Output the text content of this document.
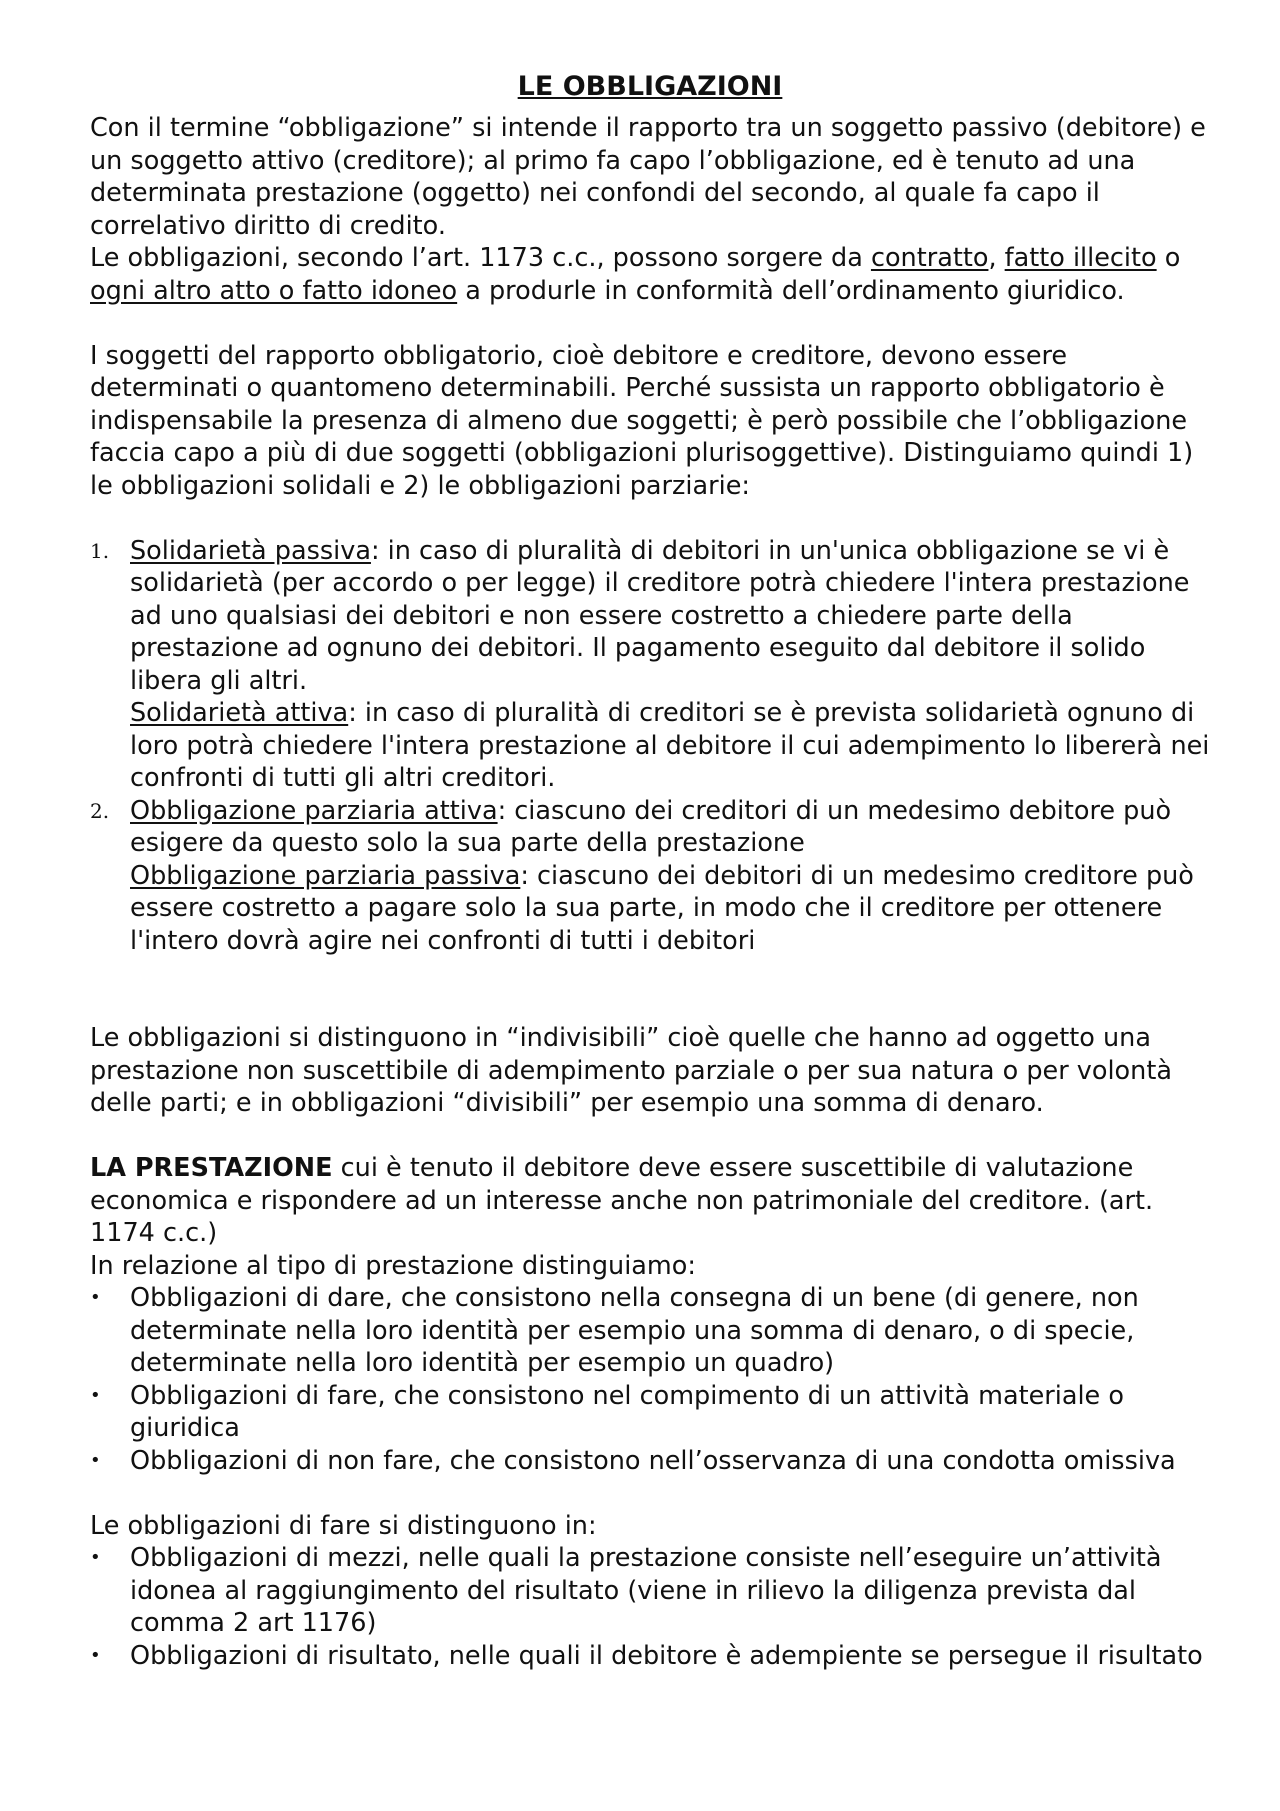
LE OBBLIGAZIONI

Con il termine “obbligazione” si intende il rapporto tra un soggetto passivo (debitore) e un soggetto attivo (creditore); al primo fa capo l’obbligazione, ed è tenuto ad una determinata prestazione (oggetto) nei confondi del secondo, al quale fa capo il correlativo diritto di credito.

Le obbligazioni, secondo l’art. 1173 c.c., possono sorgere da contratto, fatto illecito o ogni altro atto o fatto idoneo a produrle in conformità dell’ordinamento giuridico.

I soggetti del rapporto obbligatorio, cioè debitore e creditore, devono essere determinati o quantomeno determinabili. Perché sussista un rapporto obbligatorio è indispensabile la presenza di almeno due soggetti; è però possibile che l’obbligazione faccia capo a più di due soggetti (obbligazioni plurisoggettive). Distinguiamo quindi 1) le obbligazioni solidali e 2) le obbligazioni parziarie:

1. Solidarietà passiva: in caso di pluralità di debitori in un'unica obbligazione se vi è solidarietà (per accordo o per legge) il creditore potrà chiedere l'intera prestazione ad uno qualsiasi dei debitori e non essere costretto a chiedere parte della prestazione ad ognuno dei debitori. Il pagamento eseguito dal debitore il solido libera gli altri.
Solidarietà attiva: in caso di pluralità di creditori se è prevista solidarietà ognuno di loro potrà chiedere l'intera prestazione al debitore il cui adempimento lo libererà nei confronti di tutti gli altri creditori.
2. Obbligazione parziaria attiva: ciascuno dei creditori di un medesimo debitore può esigere da questo solo la sua parte della prestazione
Obbligazione parziaria passiva: ciascuno dei debitori di un medesimo creditore può essere costretto a pagare solo la sua parte, in modo che il creditore per ottenere l'intero dovrà agire nei confronti di tutti i debitori

Le obbligazioni si distinguono in “indivisibili” cioè quelle che hanno ad oggetto una prestazione non suscettibile di adempimento parziale o per sua natura o per volontà delle parti; e in obbligazioni “divisibili” per esempio una somma di denaro.

LA PRESTAZIONE cui è tenuto il debitore deve essere suscettibile di valutazione economica e rispondere ad un interesse anche non patrimoniale del creditore. (art. 1174 c.c.)

In relazione al tipo di prestazione distinguiamo:

• Obbligazioni di dare, che consistono nella consegna di un bene (di genere, non determinate nella loro identità per esempio una somma di denaro, o di specie, determinate nella loro identità per esempio un quadro)
• Obbligazioni di fare, che consistono nel compimento di un attività materiale o giuridica
• Obbligazioni di non fare, che consistono nell’osservanza di una condotta omissiva

Le obbligazioni di fare si distinguono in:

• Obbligazioni di mezzi, nelle quali la prestazione consiste nell’eseguire un’attività idonea al raggiungimento del risultato (viene in rilievo la diligenza prevista dal comma 2 art 1176)
• Obbligazioni di risultato, nelle quali il debitore è adempiente se persegue il risultato
